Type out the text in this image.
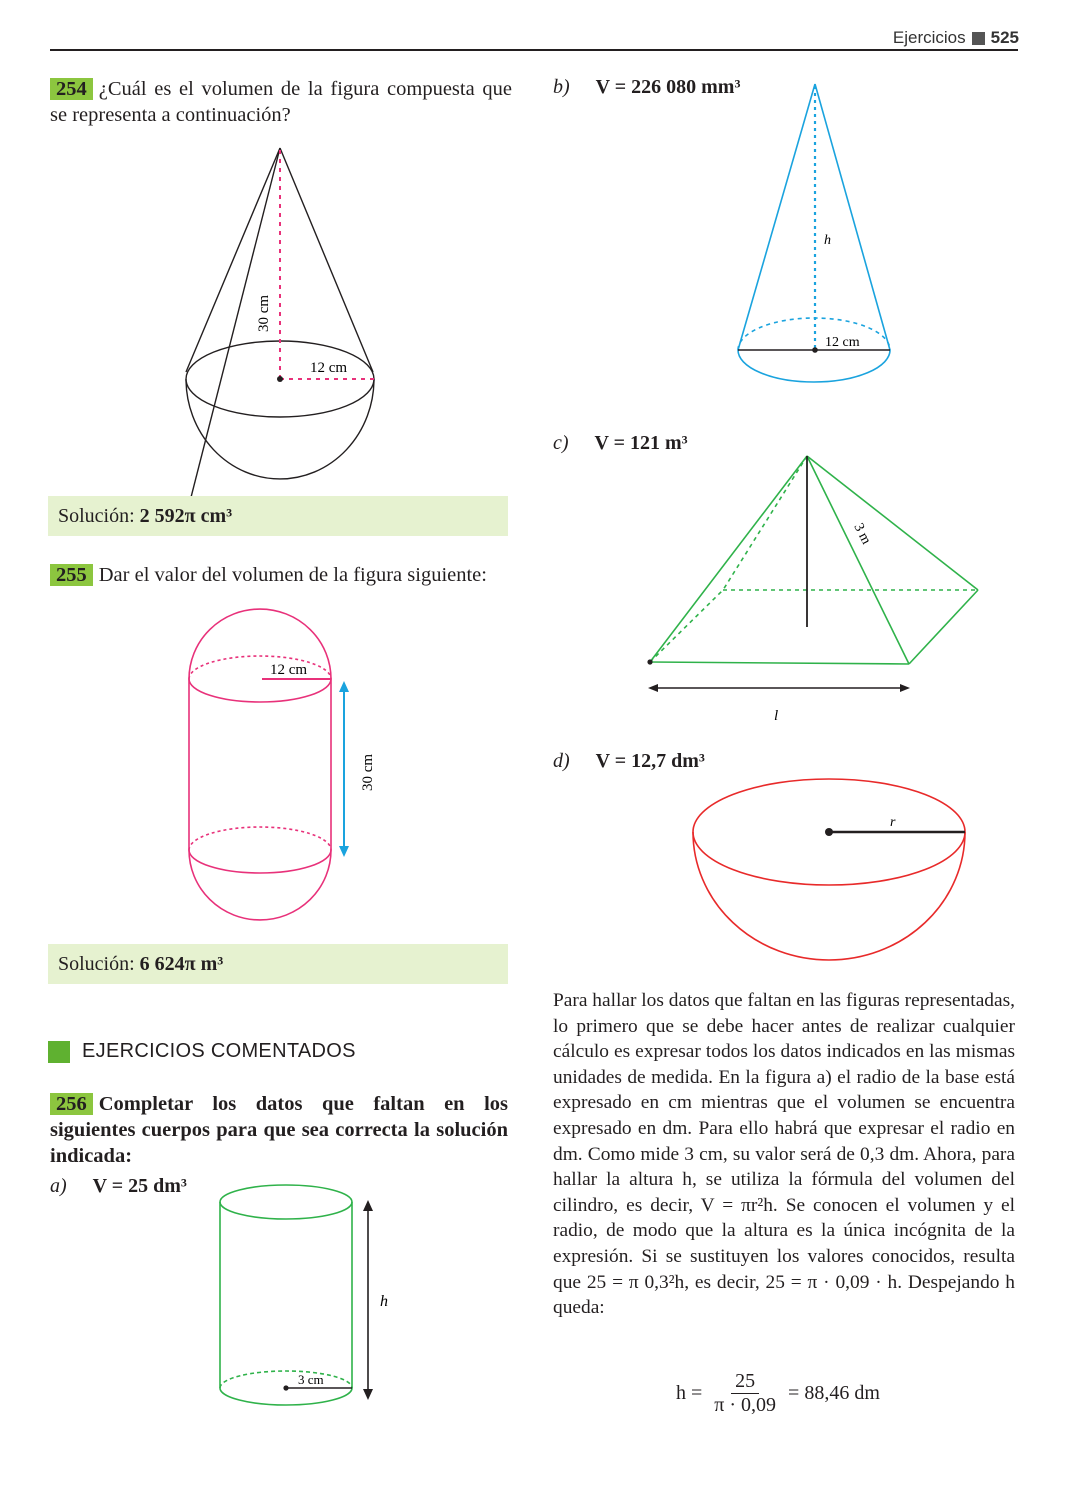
Ejercicios 525
254 ¿Cuál es el volumen de la figura compuesta que se representa a continuación?
30 cm
12 cm
Solución: 2 592π cm³
255 Dar el valor del volumen de la figura siguiente:
12 cm
30 cm
Solución: 6 624π m³
EJERCICIOS COMENTADOS
256 Completar los datos que faltan en los siguientes cuerpos para que sea correcta la solución indicada:
a) V = 25 dm³
3 cm
h
b) V = 226 080 mm³
h
12 cm
c) V = 121 m³
3 m
l
d) V = 12,7 dm³
r
Para hallar los datos que faltan en las figuras representadas, lo primero que se debe hacer antes de realizar cualquier cálculo es expresar todos los datos indicados en las mismas unidades de medida. En la figura a) el radio de la base está expresado en cm mientras que el volumen se encuentra expresado en dm. Para ello habrá que expresar el radio en dm. Como mide 3 cm, su valor será de 0,3 dm. Ahora, para hallar la altura h, se utiliza la fórmula del volumen del cilindro, es decir, V = πr²h. Se conocen el volumen y el radio, de modo que la altura es la única incógnita de la expresión. Si se sustituyen los valores conocidos, resulta que 25 = π 0,3²h, es decir, 25 = π · 0,09 · h. Despejando h queda:
$h = \frac{25}{\pi \cdot 0,09} = 88,46$ dm
